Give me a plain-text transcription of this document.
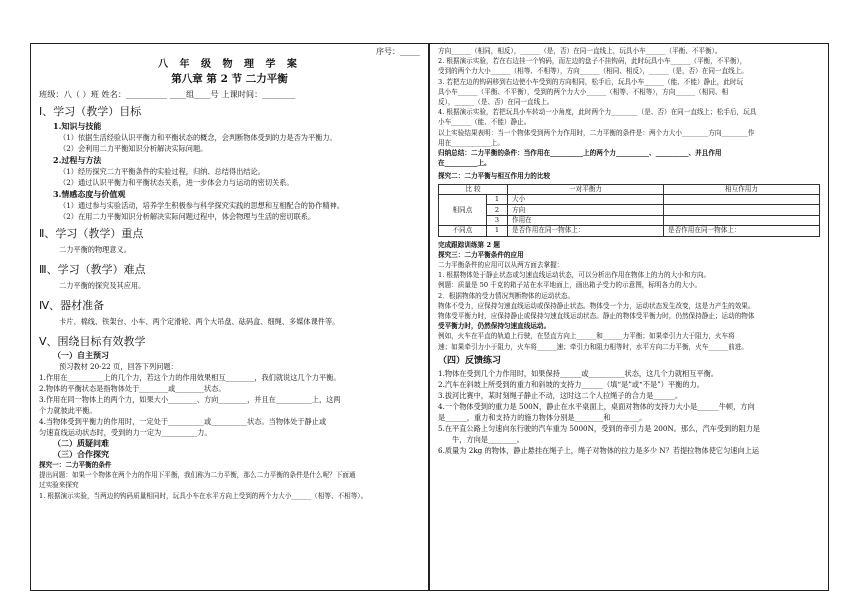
序号：_____

八 年 级 物 理 学 案

第八章 第 2 节 二力平衡

班级：八（ ）班 姓名：__________ ____组____号 上课时间：________

Ⅰ、学习（教学）目标

1.知识与技能

（1）依据生活经验认识平衡力和平衡状态的概念，会判断物体受到的力是否为平衡力。

（2）会利用二力平衡知识分析解决实际问题。

2.过程与方法

（1）经历探究二力平衡条件的实验过程，归纳、总结得出结论。

（2）通过认识平衡力和平衡状态关系，进一步体会力与运动的密切关系。

3.情感态度与价值观

（1）通过参与实验活动，培养学生积极参与科学探究实践的思想和互相配合的协作精神。

（2）在用二力平衡知识分析解决实际问题过程中，体会物理与生活的密切联系。

Ⅱ、学习（教学）重点

二力平衡的物理意义。

Ⅲ、学习（教学）难点

二力平衡的探究及其应用。

Ⅳ、器材准备

卡片、棉线、铁架台、小车、两个定滑轮、两个大吊盘、砝码盒、细绳、多媒体课件等。

Ⅴ、围绕目标有效教学

（一）自主预习

预习教材 20-22 页，回答下列问题：

1.作用在__________上的几个力，若这个力的作用效果相互________，我们就说这几个力平衡。

2.物体的平衡状态是指物体处于________或________状态。

3.作用在同一物体上的两个力，如果大小________、方向________，并且在__________上，这两

个力就彼此平衡。

4.当物体受到平衡力的作用时，一定处于__________或__________状态。当物体处于静止或

匀速直线运动状态时，受到的力一定为__________力。

（二）质疑问难

（三）合作探究

探究一：二力平衡的条件

提出问题：如果一个物体在两个力的作用下平衡，我们称为二力平衡，那么二力平衡的条件是什么呢？下面通

过实验来探究

1. 根据演示实验，当两边的钩码质量相同时，玩具小车在水平方向上受到的两个力大小______（相等、不相等）。

方向______（相同，相反），______（是，否）在同一直线上，玩具小车______（平衡、不平衡）。

2. 根据演示实验，若在右边挂一个钩码，而左边的盘子不挂钩码，此时玩具小车______（平衡，不平衡），

受到的两个力大小______（相等、不相等），方向______（相同、相反），______（是，否）在同一直线上。

3. 若把左边的钩码移到右边使小车受到的方向相同，松手后，玩具小车______（能、不能）静止，此时玩

具小车______（平衡、不平衡），受到的两个力大小______（相等、不相等），方向______（相同、相

反），______（是、否）在同一直线上。

4. 根据演示实验，若把玩具小车转动一小角度，此时两个力________（是、否）在同一直线上；松手后，玩具

小车______（能、不能）静止。

以上实验结果表明：当一个物体受到两个力作用时，二力平衡的条件是：两个力大小________方向________作

用在____________上。

归纳总结：二力平衡的条件：当作用在__________上的两个力__________、__________、并且作用

在__________上。

探究二：二力平衡与相互作用力的比较

比 较		一对平衡力	相互作用力
相同点	1	大小	
	2	方向	
	3	作用在	
不同点	1	是否作用在同一物体上：	是否作用在同一物体上：

完成跟踪训练第 2 题

探究三：二力平衡条件的应用

二力平衡条件的应用可以从两方面去掌握：

1. 根据物体处于静止状态或匀速直线运动状态，可以分析出作用在物体上的力的大小和方向。

例题：质量是 50 千克的箱子站在水平地面上，画出箱子受力的示意图，标明各力的大小。

2．根据物体的受力情况判断物体的运动状态。

物体不受力，应保持匀速直线运动或保持静止状态。物体受一个力，运动状态发生改变，这是力产生的效果。

物体受平衡力时，应保持静止或保持匀速直线运动状态。静止的物体受平衡力时，仍然保持静止；运动的物体

受平衡力时，仍然保持匀速直线运动。

例如，火车在平直的轨道上行驶，在竖直方向上______和______力平衡；如果牵引力大于阻力，火车将

速；如果牵引力小于阻力，火车将______速；牵引力和阻力相等时，水平方向二力平衡，火车______前进。

（四）反馈练习

1.物体在受到几个力作用时，如果保持______或__________状态，这几个力就相互平衡。

2.汽车在斜坡上所受到的重力和斜坡的支持力______（填“是”或“不是”）平衡的力。

3.拔河比赛中，某时刻绳子静止不动，这时这二个人拉绳子的合力是______。

4.一个物体受到的重力是 500N，静止在水平桌面上，桌面对物体的支持力大小是______牛顿，方向

是______，重力和支持力的施力物体分别是________和________。

5.在平直公路上匀速向东行驶的汽车重为 5000N，受到的牵引力是 200N。那么，汽车受到的阻力是

牛，方向是________。

6.质量为 2kg 的物体，静止悬挂在绳子上，绳子对物体的拉力是多少 N？若提拉物体使它匀速向上运
